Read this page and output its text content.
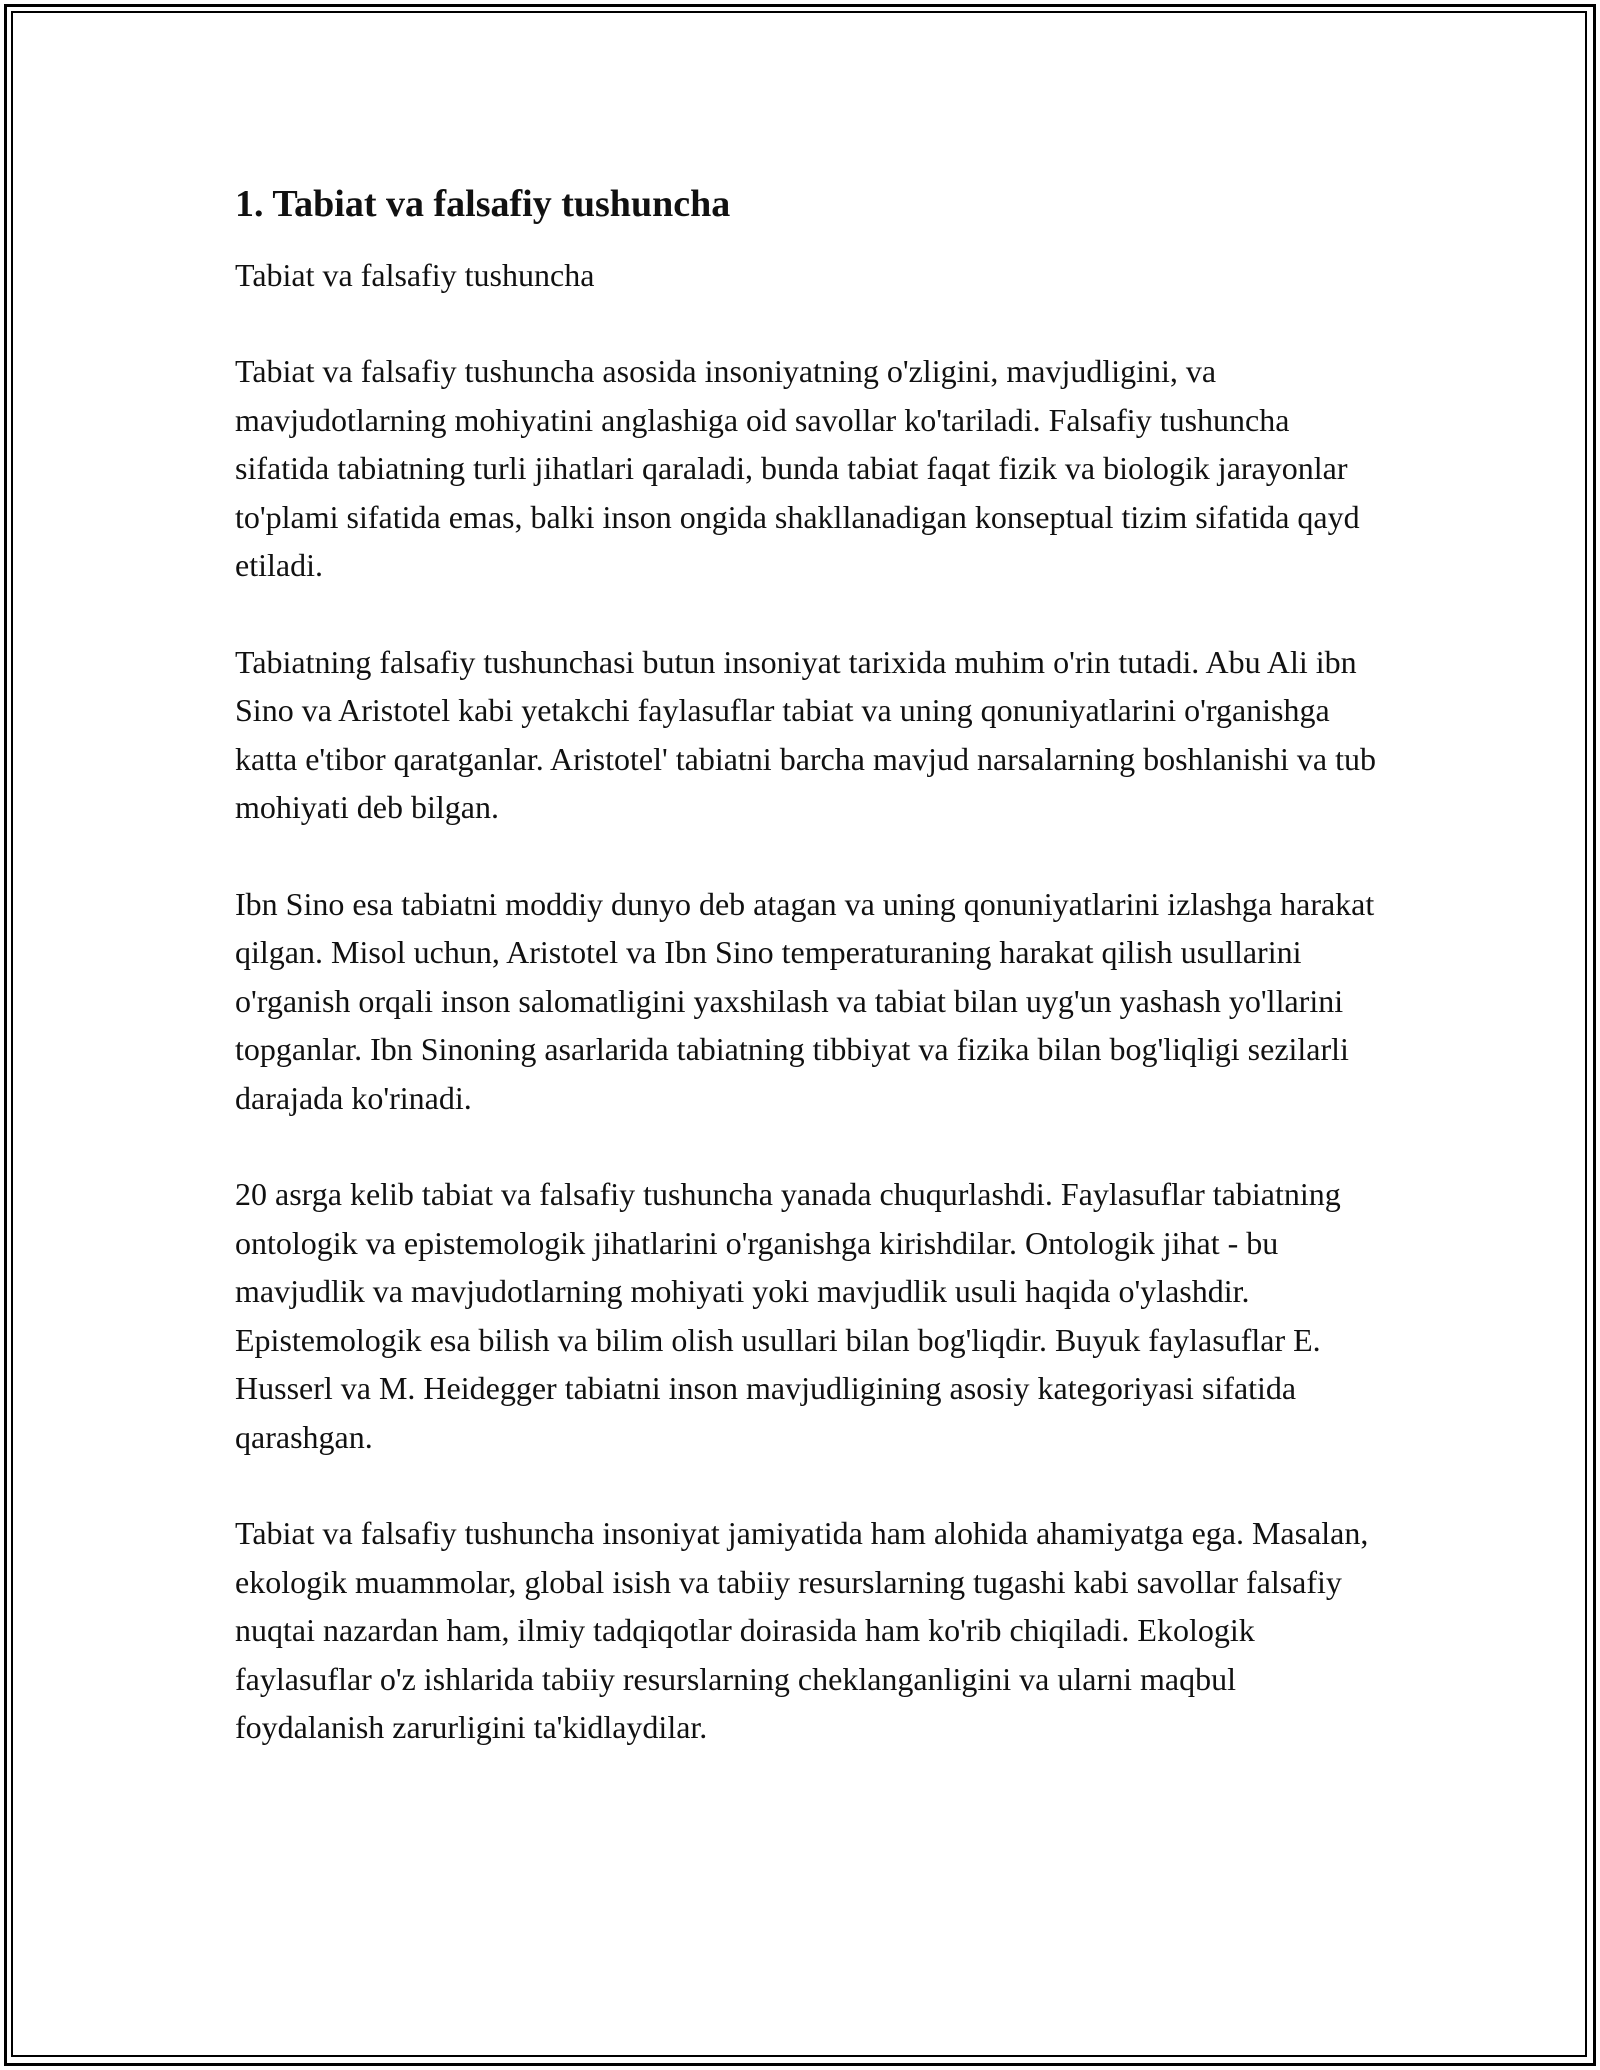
1. Tabiat va falsafiy tushuncha

Tabiat va falsafiy tushuncha

Tabiat va falsafiy tushuncha asosida insoniyatning o'zligini, mavjudligini, va mavjudotlarning mohiyatini anglashiga oid savollar ko'tariladi. Falsafiy tushuncha sifatida tabiatning turli jihatlari qaraladi, bunda tabiat faqat fizik va biologik jarayonlar to'plami sifatida emas, balki inson ongida shakllanadigan konseptual tizim sifatida qayd etiladi.

Tabiatning falsafiy tushunchasi butun insoniyat tarixida muhim o'rin tutadi. Abu Ali ibn Sino va Aristotel kabi yetakchi faylasuflar tabiat va uning qonuniyatlarini o'rganishga katta e'tibor qaratganlar. Aristotel' tabiatni barcha mavjud narsalarning boshlanishi va tub mohiyati deb bilgan.

Ibn Sino esa tabiatni moddiy dunyo deb atagan va uning qonuniyatlarini izlashga harakat qilgan. Misol uchun, Aristotel va Ibn Sino temperaturaning harakat qilish usullarini o'rganish orqali inson salomatligini yaxshilash va tabiat bilan uyg'un yashash yo'llarini topganlar. Ibn Sinoning asarlarida tabiatning tibbiyat va fizika bilan bog'liqligi sezilarli darajada ko'rinadi.

20 asrga kelib tabiat va falsafiy tushuncha yanada chuqurlashdi. Faylasuflar tabiatning ontologik va epistemologik jihatlarini o'rganishga kirishdilar. Ontologik jihat - bu mavjudlik va mavjudotlarning mohiyati yoki mavjudlik usuli haqida o'ylashdir. Epistemologik esa bilish va bilim olish usullari bilan bog'liqdir. Buyuk faylasuflar E. Husserl va M. Heidegger tabiatni inson mavjudligining asosiy kategoriyasi sifatida qarashgan.

Tabiat va falsafiy tushuncha insoniyat jamiyatida ham alohida ahamiyatga ega. Masalan, ekologik muammolar, global isish va tabiiy resurslarning tugashi kabi savollar falsafiy nuqtai nazardan ham, ilmiy tadqiqotlar doirasida ham ko'rib chiqiladi. Ekologik faylasuflar o'z ishlarida tabiiy resurslarning cheklanganligini va ularni maqbul foydalanish zarurligini ta'kidlaydilar.
